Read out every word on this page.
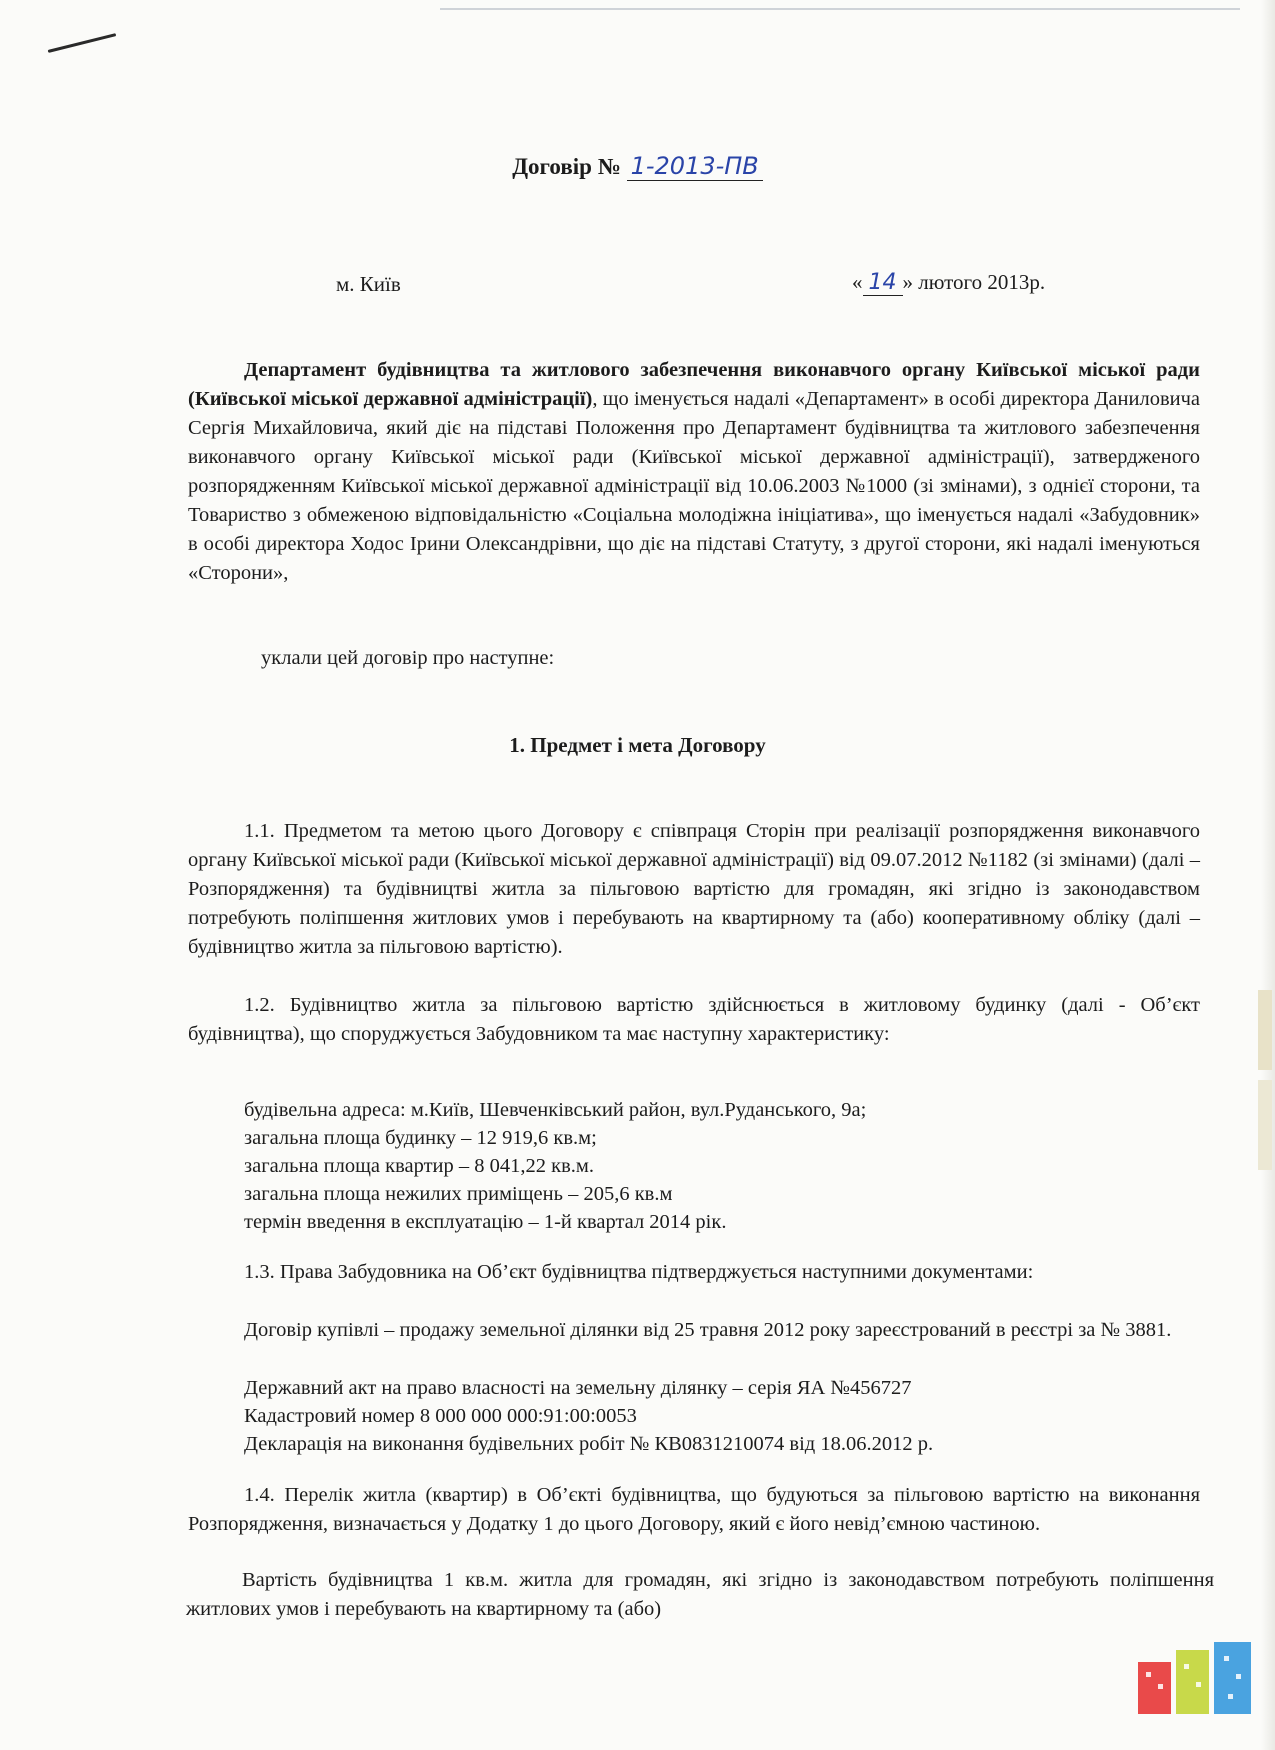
Договір № 1-2013-ПВ
м. Київ	« 14 » лютого 2013р.
Департамент будівництва та житлового забезпечення виконавчого органу Київської міської ради (Київської міської державної адміністрації), що іменується надалі «Департамент» в особі директора Даниловича Сергія Михайловича, який діє на підставі Положення про Департамент будівництва та житлового забезпечення виконавчого органу Київської міської ради (Київської міської державної адміністрації), затвердженого розпорядженням Київської міської державної адміністрації від 10.06.2003 №1000 (зі змінами), з однієї сторони, та Товариство з обмеженою відповідальністю «Соціальна молодіжна ініціатива», що іменується надалі «Забудовник» в особі директора Ходос Ірини Олександрівни, що діє на підставі Статуту, з другої сторони, які надалі іменуються «Сторони»,
уклали цей договір про наступне:
1. Предмет і мета Договору
1.1. Предметом та метою цього Договору є співпраця Сторін при реалізації розпорядження виконавчого органу Київської міської ради (Київської міської державної адміністрації) від 09.07.2012 №1182 (зі змінами) (далі – Розпорядження) та будівництві житла за пільговою вартістю для громадян, які згідно із законодавством потребують поліпшення житлових умов і перебувають на квартирному та (або) кооперативному обліку (далі – будівництво житла за пільговою вартістю).
1.2. Будівництво житла за пільговою вартістю здійснюється в житловому будинку (далі - Об’єкт будівництва), що споруджується Забудовником та має наступну характеристику:
будівельна адреса: м.Київ, Шевченківський район, вул.Руданського, 9а;
загальна площа будинку – 12 919,6 кв.м;
загальна площа квартир – 8 041,22 кв.м.
загальна площа нежилих приміщень – 205,6 кв.м
термін введення в експлуатацію – 1-й квартал 2014 рік.
1.3. Права Забудовника на Об’єкт будівництва підтверджується наступними документами:
Договір купівлі – продажу земельної ділянки від 25 травня 2012 року зареєстрований в реєстрі за № 3881.
Державний акт на право власності на земельну ділянку – серія ЯА №456727
Кадастровий номер 8 000 000 000:91:00:0053
Декларація на виконання будівельних робіт № КВ0831210074 від 18.06.2012 р.
1.4. Перелік житла (квартир) в Об’єкті будівництва, що будуються за пільговою вартістю на виконання Розпорядження, визначається у Додатку 1 до цього Договору, який є його невід’ємною частиною.
Вартість будівництва 1 кв.м. житла для громадян, які згідно із законодавством потребують поліпшення житлових умов і перебувають на квартирному та (або)
